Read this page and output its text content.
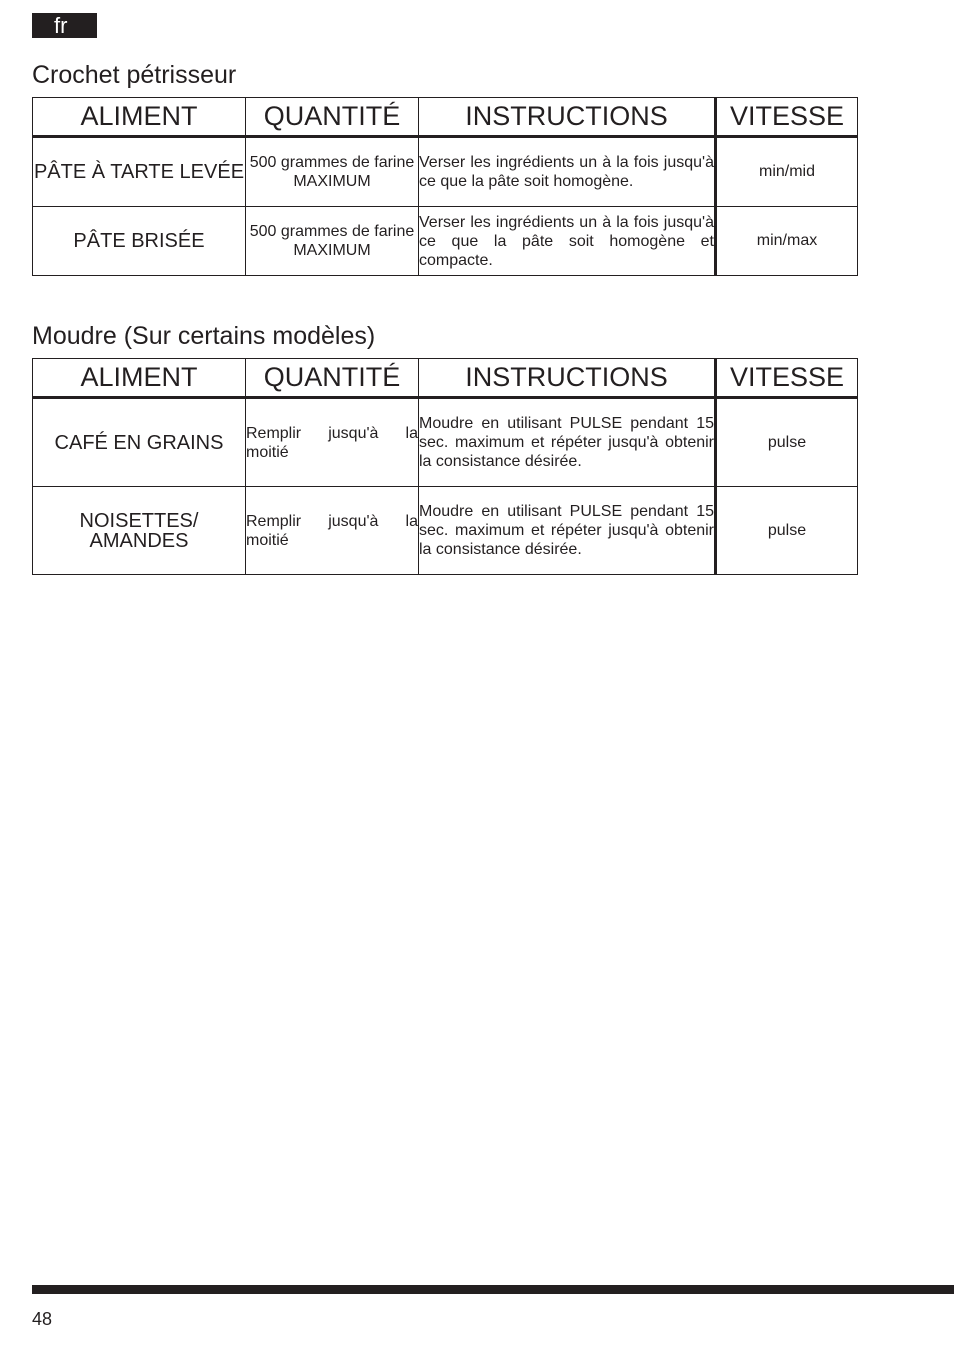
fr
Crochet pétrisseur
ALIMENT	QUANTITÉ	INSTRUCTIONS	VITESSE
PÂTE À TARTE LEVÉE	500 grammes de farine MAXIMUM	Verser les ingrédients un à la fois jusqu'à ce que la pâte soit homogène.	min/mid
PÂTE BRISÉE	500 grammes de farine MAXIMUM	Verser les ingrédients un à la fois jusqu'à ce que la pâte soit homogène et compacte.	min/max
Moudre (Sur certains modèles)
ALIMENT	QUANTITÉ	INSTRUCTIONS	VITESSE
CAFÉ EN GRAINS	Remplir jusqu'à la moitié	Moudre en utilisant PULSE pendant 15 sec. maximum et répéter jusqu'à obtenir la consistance désirée.	pulse
NOISETTES/ AMANDES	Remplir jusqu'à la moitié	Moudre en utilisant PULSE pendant 15 sec. maximum et répéter jusqu'à obtenir la consistance désirée.	pulse
48
